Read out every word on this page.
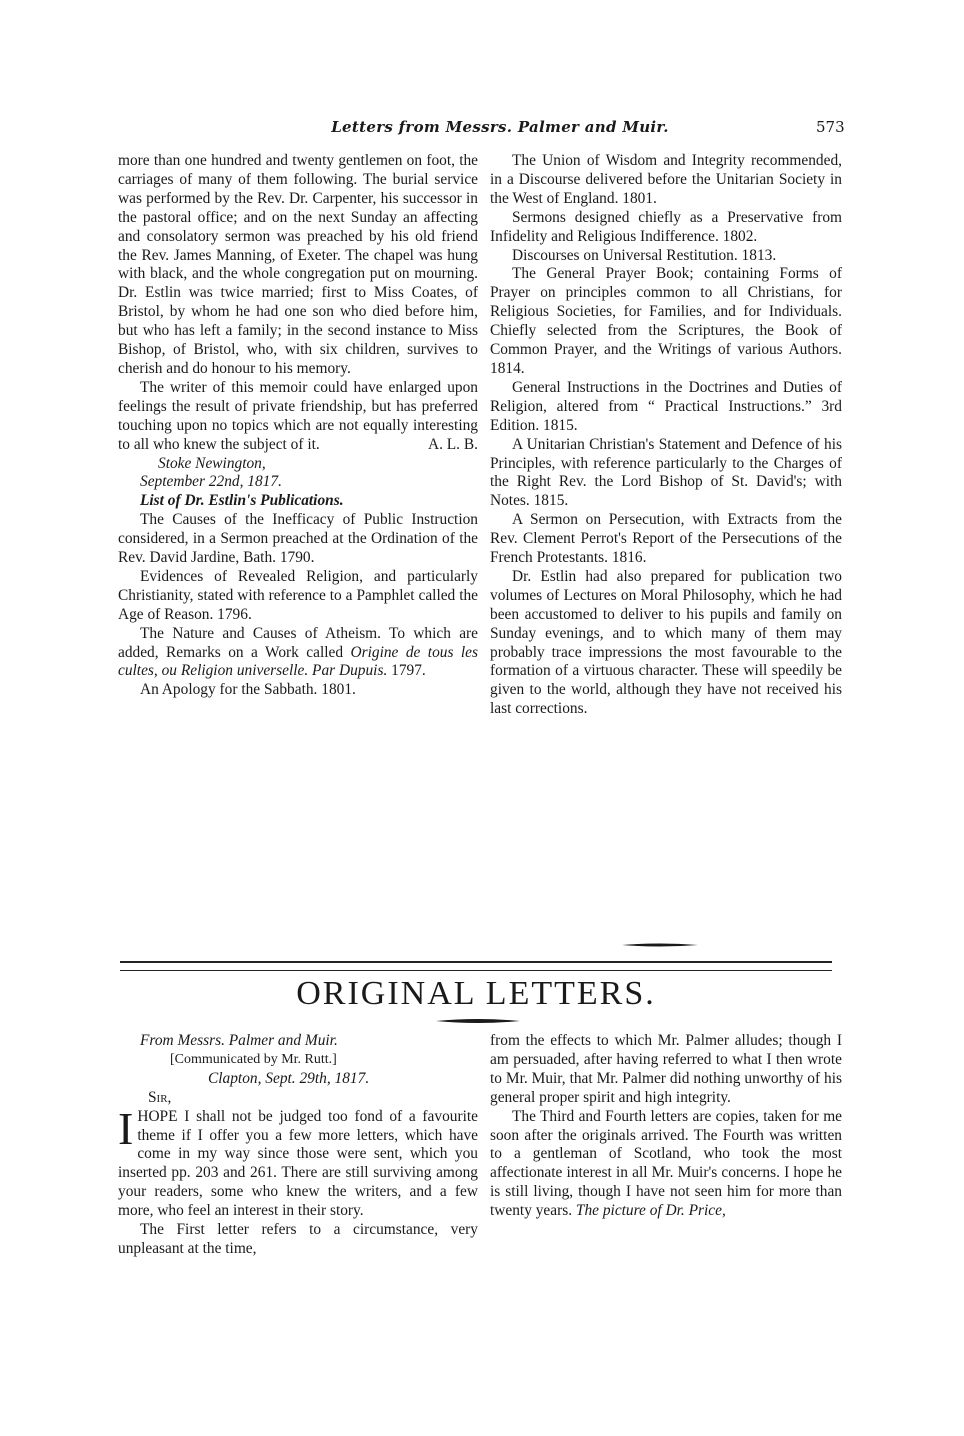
Letters from Messrs. Palmer and Muir.	573

more than one hundred and twenty gentlemen on foot, the carriages of many of them following. The burial service was performed by the Rev. Dr. Carpenter, his successor in the pastoral office; and on the next Sunday an affecting and consolatory sermon was preached by his old friend the Rev. James Manning, of Exeter. The chapel was hung with black, and the whole congregation put on mourning. Dr. Estlin was twice married; first to Miss Coates, of Bristol, by whom he had one son who died before him, but who has left a family; in the second instance to Miss Bishop, of Bristol, who, with six children, survives to cherish and do honour to his memory.

The writer of this memoir could have enlarged upon feelings the result of private friendship, but has preferred touching upon no topics which are not equally interesting to all who knew the subject of it.	A. L. B.

Stoke Newington,
September 22nd, 1817.
List of Dr. Estlin's Publications.

The Causes of the Inefficacy of Public Instruction considered, in a Sermon preached at the Ordination of the Rev. David Jardine, Bath. 1790.

Evidences of Revealed Religion, and particularly Christianity, stated with reference to a Pamphlet called the Age of Reason. 1796.

The Nature and Causes of Atheism. To which are added, Remarks on a Work called Origine de tous les cultes, ou Religion universelle. Par Dupuis. 1797.

An Apology for the Sabbath. 1801.

The Union of Wisdom and Integrity recommended, in a Discourse delivered before the Unitarian Society in the West of England. 1801.

Sermons designed chiefly as a Preservative from Infidelity and Religious Indifference. 1802.

Discourses on Universal Restitution. 1813.

The General Prayer Book; containing Forms of Prayer on principles common to all Christians, for Religious Societies, for Families, and for Individuals. Chiefly selected from the Scriptures, the Book of Common Prayer, and the Writings of various Authors. 1814.

General Instructions in the Doctrines and Duties of Religion, altered from “ Practical Instructions.” 3rd Edition. 1815.

A Unitarian Christian's Statement and Defence of his Principles, with reference particularly to the Charges of the Right Rev. the Lord Bishop of St. David's; with Notes. 1815.

A Sermon on Persecution, with Extracts from the Rev. Clement Perrot's Report of the Persecutions of the French Protestants. 1816.

Dr. Estlin had also prepared for publication two volumes of Lectures on Moral Philosophy, which he had been accustomed to deliver to his pupils and family on Sunday evenings, and to which many of them may probably trace impressions the most favourable to the formation of a virtuous character. These will speedily be given to the world, although they have not received his last corrections.

ORIGINAL LETTERS.
From Messrs. Palmer and Muir.
[Communicated by Mr. Rutt.]
Clapton, Sept. 29th, 1817.
Sir,

IHOPE I shall not be judged too fond of a favourite theme if I offer you a few more letters, which have come in my way since those were sent, which you inserted pp. 203 and 261. There are still surviving among your readers, some who knew the writers, and a few more, who feel an interest in their story.

The First letter refers to a circumstance, very unpleasant at the time,

from the effects to which Mr. Palmer alludes; though I am persuaded, after having referred to what I then wrote to Mr. Muir, that Mr. Palmer did nothing unworthy of his general proper spirit and high integrity.

The Third and Fourth letters are copies, taken for me soon after the originals arrived. The Fourth was written to a gentleman of Scotland, who took the most affectionate interest in all Mr. Muir's concerns. I hope he is still living, though I have not seen him for more than twenty years. The picture of Dr. Price,
